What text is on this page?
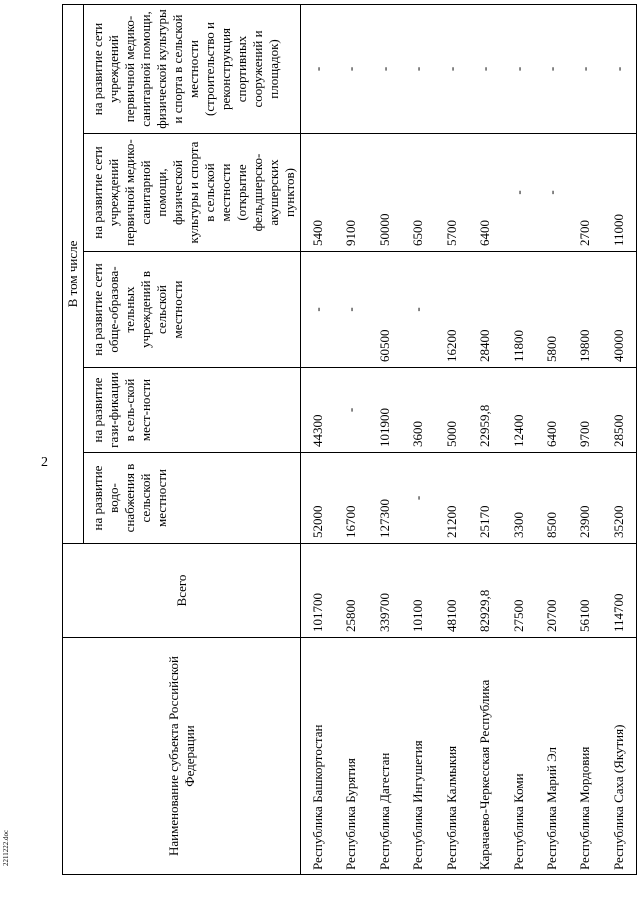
2
Наименование субъекта Российской Федерации	Всего	В том числе				
		на развитие водо-снабжения в сельской местности	на развитие гази-фикации в сель-ской мест-ности	на развитие сети обще-образова-тельных учреждений в сельской местности	на развитие сети учреждений первичной медико-санитарной помощи, физической культуры и спорта в сельской местности (открытие фельдшерско-акушерских пунктов)	на развитие сети учреждений первичной медико-санитарной помощи, физической культуры и спорта в сельской местности (строительство и реконструкция спортивных сооружений и площадок)
Республика Башкортостан	101700	52000	44300	-	5400	-
Республика Бурятия	25800	16700	-	-	9100	-
Республика Дагестан	339700	127300	101900	60500	50000	-
Республика Ингушетия	10100	-	3600	-	6500	-
Республика Калмыкия	48100	21200	5000	16200	5700	-
Карачаево-Черкесская Республика	82929,8	25170	22959,8	28400	6400	-
Республика Коми	27500	3300	12400	11800	-	-
Республика Марий Эл	20700	8500	6400	5800	-	-
Республика Мордовия	56100	23900	9700	19800	2700	-
Республика Саха (Якутия)	114700	35200	28500	40000	11000	-
2211222.doc
